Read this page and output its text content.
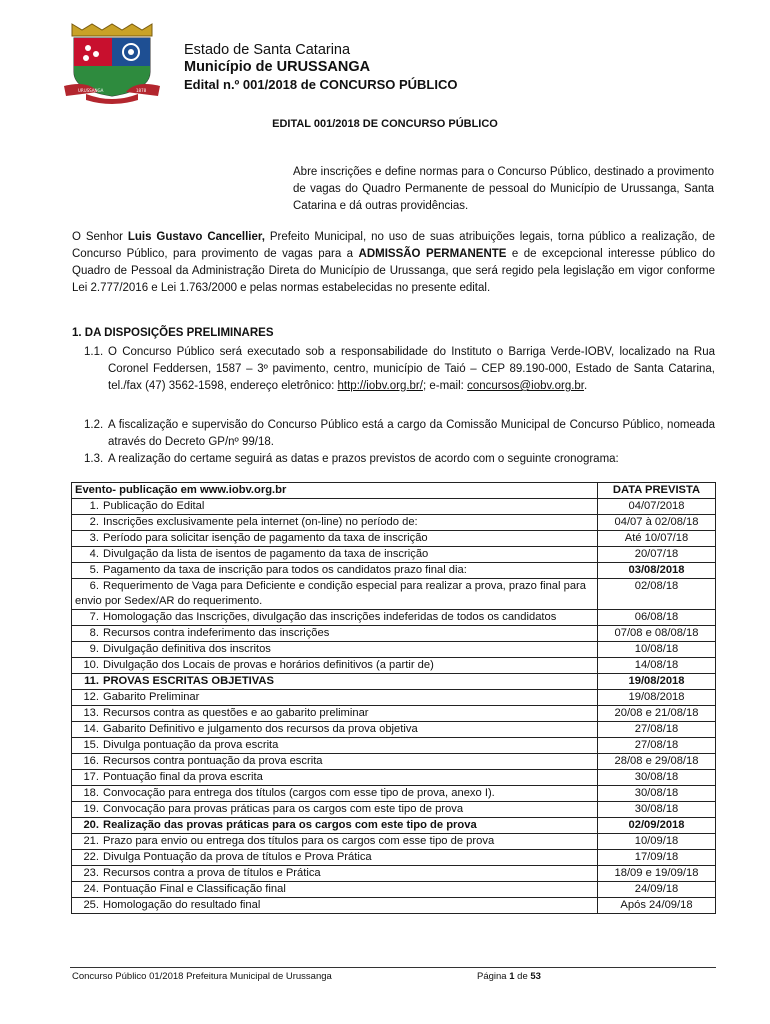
URUSSANGA	1878
Estado de Santa Catarina
Município de URUSSANGA
Edital n.º 001/2018 de CONCURSO PÚBLICO
EDITAL 001/2018 DE CONCURSO PÚBLICO
Abre inscrições e define normas para o Concurso Público, destinado a provimento de vagas do Quadro Permanente de pessoal do Município de Urussanga, Santa Catarina e dá outras providências.
O Senhor Luis Gustavo Cancellier, Prefeito Municipal, no uso de suas atribuições legais, torna público a realização, de Concurso Público, para provimento de vagas para a ADMISSÃO PERMANENTE e de excepcional interesse público do Quadro de Pessoal da Administração Direta do Município de Urussanga, que será regido pela legislação em vigor conforme Lei 2.777/2016 e Lei 1.763/2000 e pelas normas estabelecidas no presente edital.
1. DA DISPOSIÇÕES PRELIMINARES
1.1. O Concurso Público será executado sob a responsabilidade do Instituto o Barriga Verde-IOBV, localizado na Rua Coronel Feddersen, 1587 – 3º pavimento, centro, município de Taió – CEP 89.190-000, Estado de Santa Catarina, tel./fax (47) 3562-1598, endereço eletrônico: http://iobv.org.br/; e-mail: concursos@iobv.org.br.
1.2. A fiscalização e supervisão do Concurso Público está a cargo da Comissão Municipal de Concurso Público, nomeada através do Decreto GP/nº 99/18.
1.3. A realização do certame seguirá as datas e prazos previstos de acordo com o seguinte cronograma:
Evento- publicação em www.iobv.org.br	DATA PREVISTA
1. Publicação do Edital	04/07/2018
2. Inscrições exclusivamente pela internet (on-line) no período de:	04/07 à 02/08/18
3. Período para solicitar isenção de pagamento da taxa de inscrição	Até 10/07/18
4. Divulgação da lista de isentos de pagamento da taxa de inscrição	20/07/18
5. Pagamento da taxa de inscrição para todos os candidatos prazo final dia:	03/08/2018
6. Requerimento de Vaga para Deficiente e condição especial para realizar a prova, prazo final para envio por Sedex/AR do requerimento.	02/08/18
7. Homologação das Inscrições, divulgação das inscrições indeferidas de todos os candidatos	06/08/18
8. Recursos contra indeferimento das inscrições	07/08 e 08/08/18
9. Divulgação definitiva dos inscritos	10/08/18
10. Divulgação dos Locais de provas e horários definitivos (a partir de)	14/08/18
11. PROVAS ESCRITAS OBJETIVAS	19/08/2018
12. Gabarito Preliminar	19/08/2018
13. Recursos contra as questões e ao gabarito preliminar	20/08 e 21/08/18
14. Gabarito Definitivo e julgamento dos recursos da prova objetiva	27/08/18
15. Divulga pontuação da prova escrita	27/08/18
16. Recursos contra pontuação da prova escrita	28/08 e 29/08/18
17. Pontuação final da prova escrita	30/08/18
18. Convocação para entrega dos títulos (cargos com esse tipo de prova, anexo I).	30/08/18
19. Convocação para provas práticas para os cargos com este tipo de prova	30/08/18
20. Realização das provas práticas para os cargos com este tipo de prova	02/09/2018
21. Prazo para envio ou entrega dos títulos para os cargos com esse tipo de prova	10/09/18
22. Divulga Pontuação da prova de títulos e Prova Prática	17/09/18
23. Recursos contra a prova de títulos e Prática	18/09 e 19/09/18
24. Pontuação Final e Classificação final	24/09/18
25. Homologação do resultado final	Após 24/09/18
Concurso Público 01/2018 Prefeitura Municipal de Urussanga	Página 1 de 53
